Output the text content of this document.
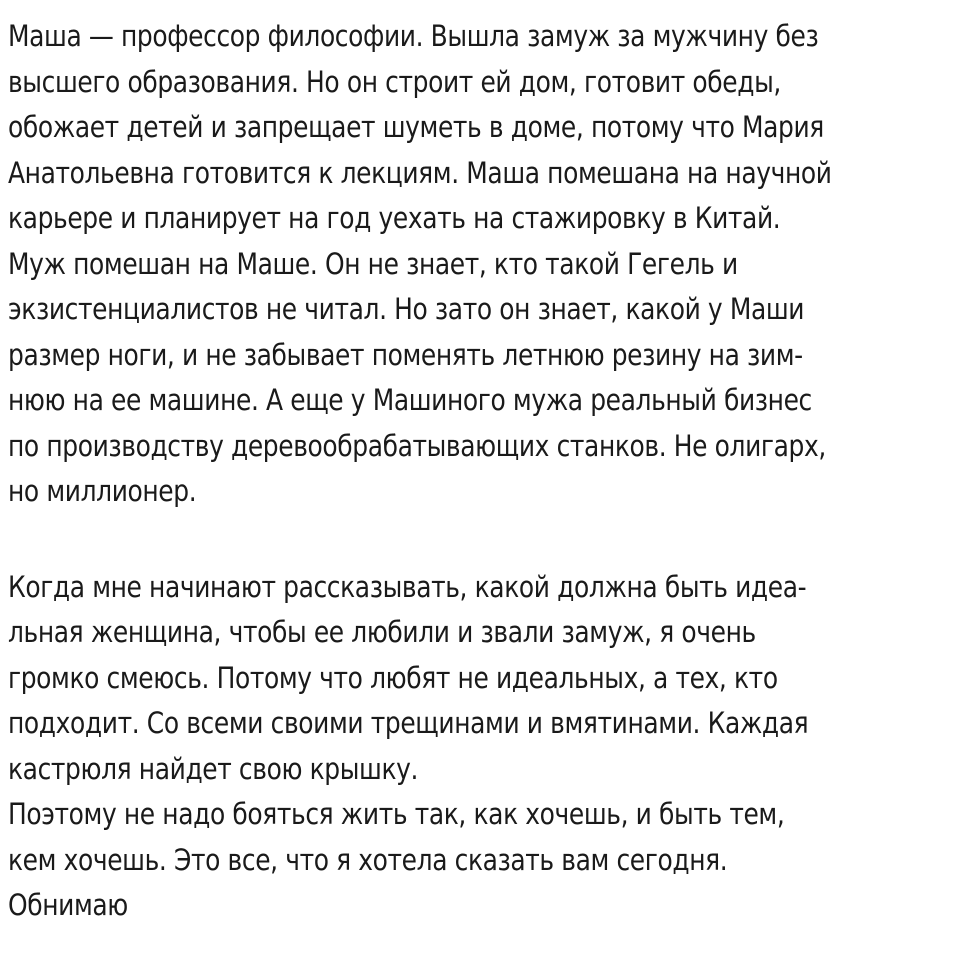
Маша — профессор философии. Вышла замуж за мужчину без
высшего образования. Но он строит ей дом, готовит обеды,
обожает детей и запрещает шуметь в доме, потому что Мария
Анатольевна готовится к лекциям. Маша помешана на научной
карьере и планирует на год уехать на стажировку в Китай.
Муж помешан на Маше. Он не знает, кто такой Гегель и
экзистенциалистов не читал. Но зато он знает, какой у Маши
размер ноги, и не забывает поменять летнюю резину на зим-
нюю на ее машине. А еще у Машиного мужа реальный бизнес
по производству деревообрабатывающих станков. Не олигарх,
но миллионер.
Когда мне начинают рассказывать, какой должна быть идеа-
льная женщина, чтобы ее любили и звали замуж, я очень
громко смеюсь. Потому что любят не идеальных, а тех, кто
подходит. Со всеми своими трещинами и вмятинами. Каждая
кастрюля найдет свою крышку.
Поэтому не надо бояться жить так, как хочешь, и быть тем,
кем хочешь. Это все, что я хотела сказать вам сегодня.
Обнимаю
